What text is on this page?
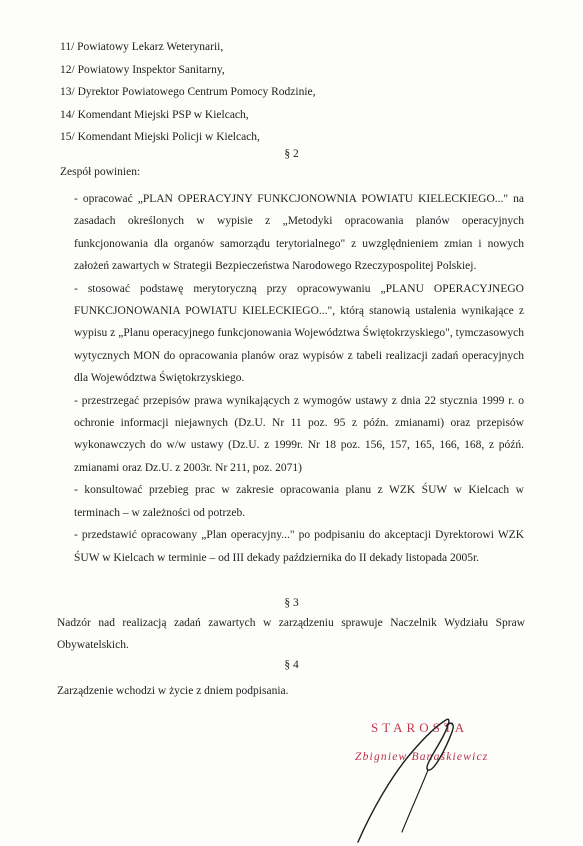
11/ Powiatowy Lekarz Weterynarii,
12/ Powiatowy Inspektor Sanitarny,
13/ Dyrektor Powiatowego Centrum Pomocy Rodzinie,
14/ Komendant Miejski PSP w Kielcach,
15/ Komendant Miejski Policji w Kielcach,
§ 2
Zespół powinien:

- opracować „PLAN OPERACYJNY FUNKCJONOWNIA POWIATU KIELECKIEGO..." na zasadach określonych w wypisie z „Metodyki opracowania planów operacyjnych funkcjonowania dla organów samorządu terytorialnego" z uwzględnieniem zmian i nowych założeń zawartych w Strategii Bezpieczeństwa Narodowego Rzeczypospolitej Polskiej.

- stosować podstawę merytoryczną przy opracowywaniu „PLANU OPERACYJNEGO FUNKCJONOWANIA POWIATU KIELECKIEGO...", którą stanowią ustalenia wynikające z wypisu z „Planu operacyjnego funkcjonowania Województwa Świętokrzyskiego", tymczasowych wytycznych MON do opracowania planów oraz wypisów z tabeli realizacji zadań operacyjnych dla Województwa Świętokrzyskiego.

- przestrzegać przepisów prawa wynikających z wymogów ustawy z dnia 22 stycznia 1999 r. o ochronie informacji niejawnych (Dz.U. Nr 11 poz. 95 z późn. zmianami) oraz przepisów wykonawczych do w/w ustawy (Dz.U. z 1999r. Nr 18 poz. 156, 157, 165, 166, 168, z późń. zmianami oraz Dz.U. z 2003r. Nr 211, poz. 2071)

- konsultować przebieg prac w zakresie opracowania planu z WZK ŚUW w Kielcach w terminach – w zależności od potrzeb.

- przedstawić opracowany „Plan operacyjny..." po podpisaniu do akceptacji Dyrektorowi WZK ŚUW w Kielcach w terminie – od III dekady października do II dekady listopada 2005r.

§ 3

Nadzór nad realizacją zadań zawartych w zarządzeniu sprawuje Naczelnik Wydziału Spraw Obywatelskich.

§ 4

Zarządzenie wchodzi w życie z dniem podpisania.

STAROSTA
Zbigniew Banaśkiewicz
